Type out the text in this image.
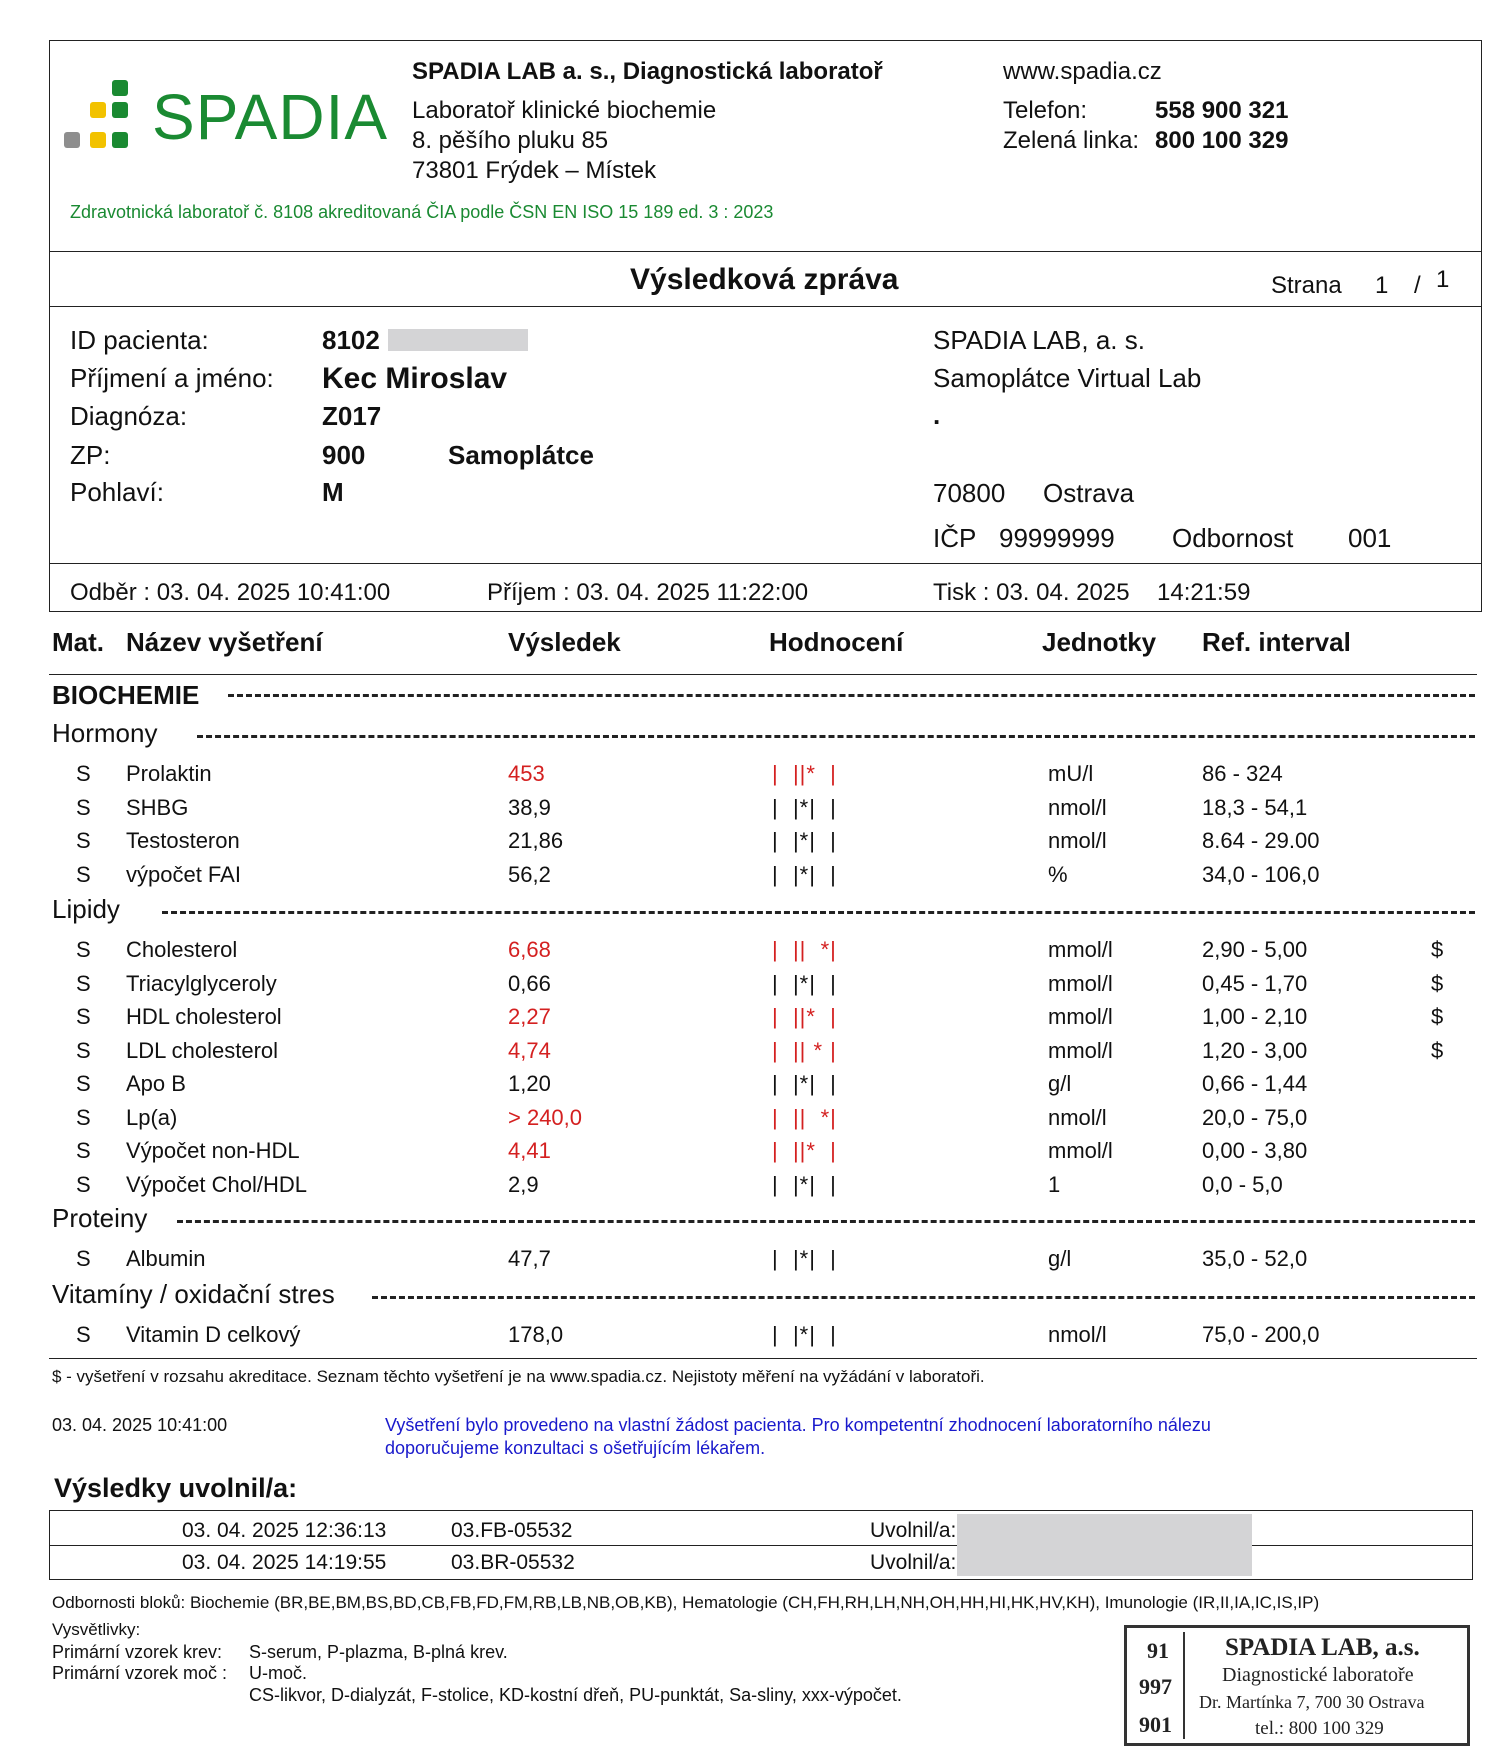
SPADIA
SPADIA LAB a. s., Diagnostická laboratoř
Laboratoř klinické biochemie
8. pěšího pluku 85
73801 Frýdek – Místek
www.spadia.cz
Telefon:	558 900 321
Zelená linka: 800 100 329
Zdravotnická laboratoř č. 8108 akreditovaná ČIA podle ČSN EN ISO 15 189 ed. 3 : 2023
Výsledková zpráva	Strana 1 / 1
ID pacienta:	8102
Příjmení a jméno: Kec Miroslav
Diagnóza:	Z017
ZP:	900	Samoplátce
Pohlaví:	M
SPADIA LAB, a. s.
Samoplátce Virtual Lab
.
70800 Ostrava
IČP 99999999 Odbornost 001
Odběr : 03. 04. 2025 10:41:00	Příjem : 03. 04. 2025 11:22:00	Tisk : 03. 04. 2025 14:21:59
Mat. Název vyšetření	Výsledek	Hodnocení	Jednotky Ref. interval
BIOCHEMIE
Hormony
S Prolaktin	453	|  ||*  |	mU/l	86 - 324
S SHBG	38,9	|  |*|  |	nmol/l	18,3 - 54,1
S Testosteron	21,86	|  |*|  |	nmol/l	8.64 - 29.00
S výpočet FAI	56,2	|  |*|  |	%	34,0 - 106,0
Lipidy
S Cholesterol	6,68	|  ||  *|	mmol/l	2,90 - 5,00	$
S Triacylglyceroly	0,66	|  |*|  |	mmol/l	0,45 - 1,70	$
S HDL cholesterol	2,27	|  ||*  |	mmol/l	1,00 - 2,10	$
S LDL cholesterol	4,74	|  || * |	mmol/l	1,20 - 3,00	$
S Apo B	1,20	|  |*|  |	g/l	0,66 - 1,44
S Lp(a)	> 240,0	|  ||  *|	nmol/l	20,0 - 75,0
S Výpočet non-HDL	4,41	|  ||*  |	mmol/l	0,00 - 3,80
S Výpočet Chol/HDL	2,9	|  |*|  |	1	0,0 - 5,0
Proteiny
S Albumin	47,7	|  |*|  |	g/l	35,0 - 52,0
Vitamíny / oxidační stres
S Vitamin D celkový	178,0	|  |*|  |	nmol/l	75,0 - 200,0
$ - vyšetření v rozsahu akreditace. Seznam těchto vyšetření je na www.spadia.cz. Nejistoty měření na vyžádání v laboratoři.
03. 04. 2025 10:41:00	Vyšetření bylo provedeno na vlastní žádost pacienta. Pro kompetentní zhodnocení laboratorního nálezu
doporučujeme konzultaci s ošetřujícím lékařem.
Výsledky uvolnil/a:
03. 04. 2025 12:36:13	03.FB-05532	Uvolnil/a:
03. 04. 2025 14:19:55	03.BR-05532	Uvolnil/a:
Odbornosti bloků: Biochemie (BR,BE,BM,BS,BD,CB,FB,FD,FM,RB,LB,NB,OB,KB), Hematologie (CH,FH,RH,LH,NH,OH,HH,HI,HK,HV,KH), Imunologie (IR,II,IA,IC,IS,IP)
Vysvětlivky:
Primární vzorek krev: S-serum, P-plazma, B-plná krev.
Primární vzorek moč : U-moč.
CS-likvor, D-dialyzát, F-stolice, KD-kostní dřeň, PU-punktát, Sa-sliny, xxx-výpočet.
91
997
901
SPADIA LAB, a.s.
Diagnostické laboratoře
Dr. Martínka 7, 700 30 Ostrava
tel.: 800 100 329
